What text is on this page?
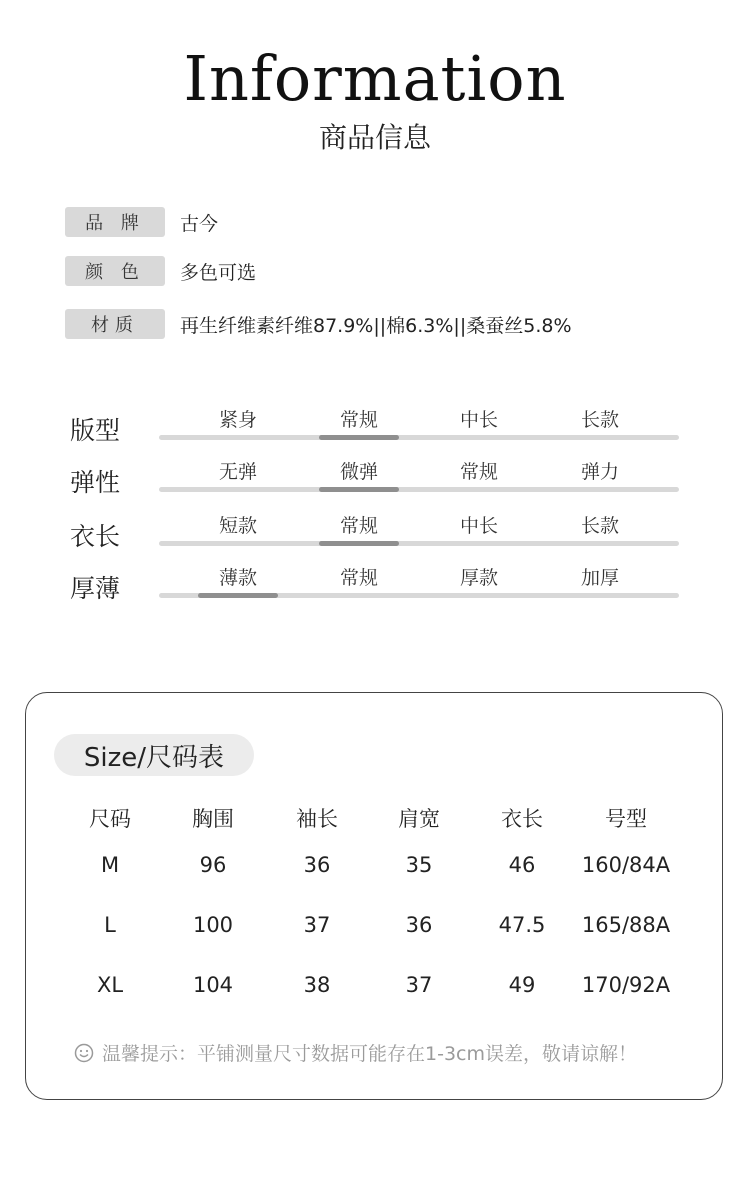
Information
商品信息
品 牌	古今
颜 色	多色可选
材质	再生纤维素纤维87.9%||棉6.3%||桑蚕丝5.8%
版型	紧身	常规	中长	长款
弹性	无弹	微弹	常规	弹力
衣长	短款	常规	中长	长款
厚薄	薄款	常规	厚款	加厚
Size/尺码表
尺码	胸围	袖长	肩宽	衣长	号型
M	96	36	35	46	160/84A
L	100	37	36	47.5	165/88A
XL	104	38	37	49	170/92A
温馨提示：平铺测量尺寸数据可能存在1-3cm误差，敬请谅解！
